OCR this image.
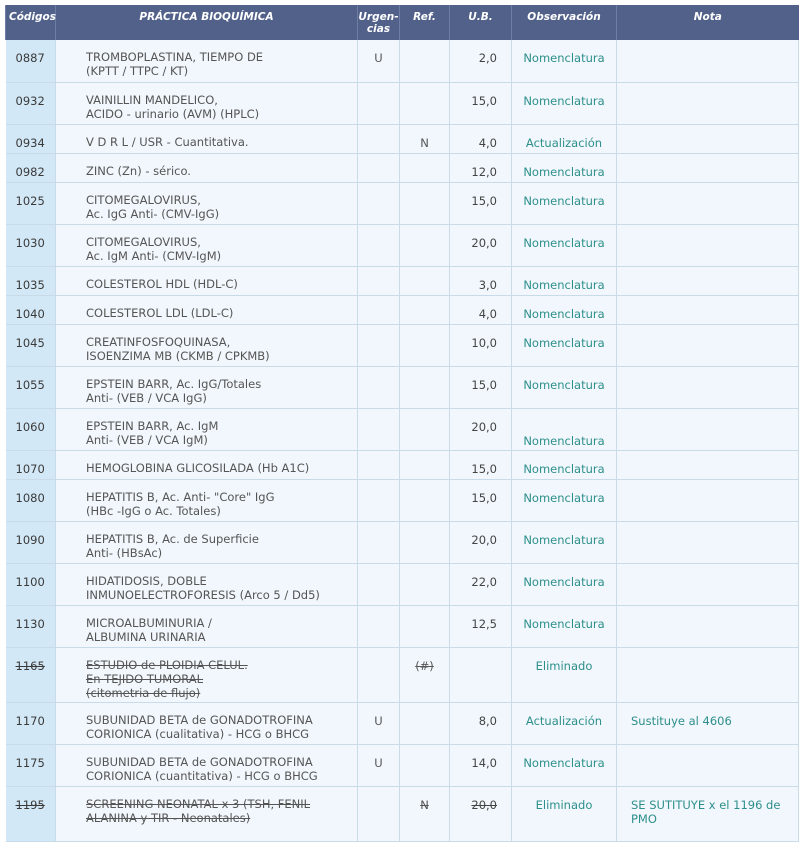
Códigos	PRÁCTICA BIOQUÍMICA	Urgen-
cias	Ref.	U.B.	Observación	Nota

0887	TROMBOPLASTINA, TIEMPO DE
(KPTT / TTPC / KT)	U		2,0	Nomenclatura	

0932	VAINILLIN MANDELICO,
ACIDO - urinario (AVM) (HPLC)			15,0	Nomenclatura	

0934	V D R L / USR - Cuantitativa.		N	4,0	Actualización	

0982	ZINC (Zn) - sérico.			12,0	Nomenclatura	

1025	CITOMEGALOVIRUS,
Ac. IgG Anti- (CMV-IgG)			15,0	Nomenclatura	

1030	CITOMEGALOVIRUS,
Ac. IgM Anti- (CMV-IgM)			20,0	Nomenclatura	

1035	COLESTEROL HDL (HDL-C)			3,0	Nomenclatura	

1040	COLESTEROL LDL (LDL-C)			4,0	Nomenclatura	

1045	CREATINFOSFOQUINASA,
ISOENZIMA MB (CKMB / CPKMB)			10,0	Nomenclatura	

1055	EPSTEIN BARR, Ac. IgG/Totales
Anti- (VEB / VCA IgG)			15,0	Nomenclatura	

1060	EPSTEIN BARR, Ac. IgM
Anti- (VEB / VCA IgM)			20,0	Nomenclatura	

1070	HEMOGLOBINA GLICOSILADA (Hb A1C)			15,0	Nomenclatura	

1080	HEPATITIS B, Ac. Anti- "Core" IgG
(HBc -IgG o Ac. Totales)			15,0	Nomenclatura	

1090	HEPATITIS B, Ac. de Superficie
Anti- (HBsAc)			20,0	Nomenclatura	

1100	HIDATIDOSIS, DOBLE
INMUNOELECTROFORESIS (Arco 5 / Dd5)			22,0	Nomenclatura	

1130	MICROALBUMINURIA /
ALBUMINA URINARIA			12,5	Nomenclatura	

1165	ESTUDIO de PLOIDIA CELUL.
En TEJIDO TUMORAL
(citometria de flujo)		(#)		Eliminado	

1170	SUBUNIDAD BETA de GONADOTROFINA
CORIONICA (cualitativa) - HCG o BHCG	U		8,0	Actualización	Sustituye al 4606

1175	SUBUNIDAD BETA de GONADOTROFINA
CORIONICA (cuantitativa) - HCG o BHCG	U		14,0	Nomenclatura	

1195	SCREENING NEONATAL x 3 (TSH, FENIL
ALANINA y TIR - Neonatales)		N	20,0	Eliminado	SE SUTITUYE x el 1196 de
PMO
